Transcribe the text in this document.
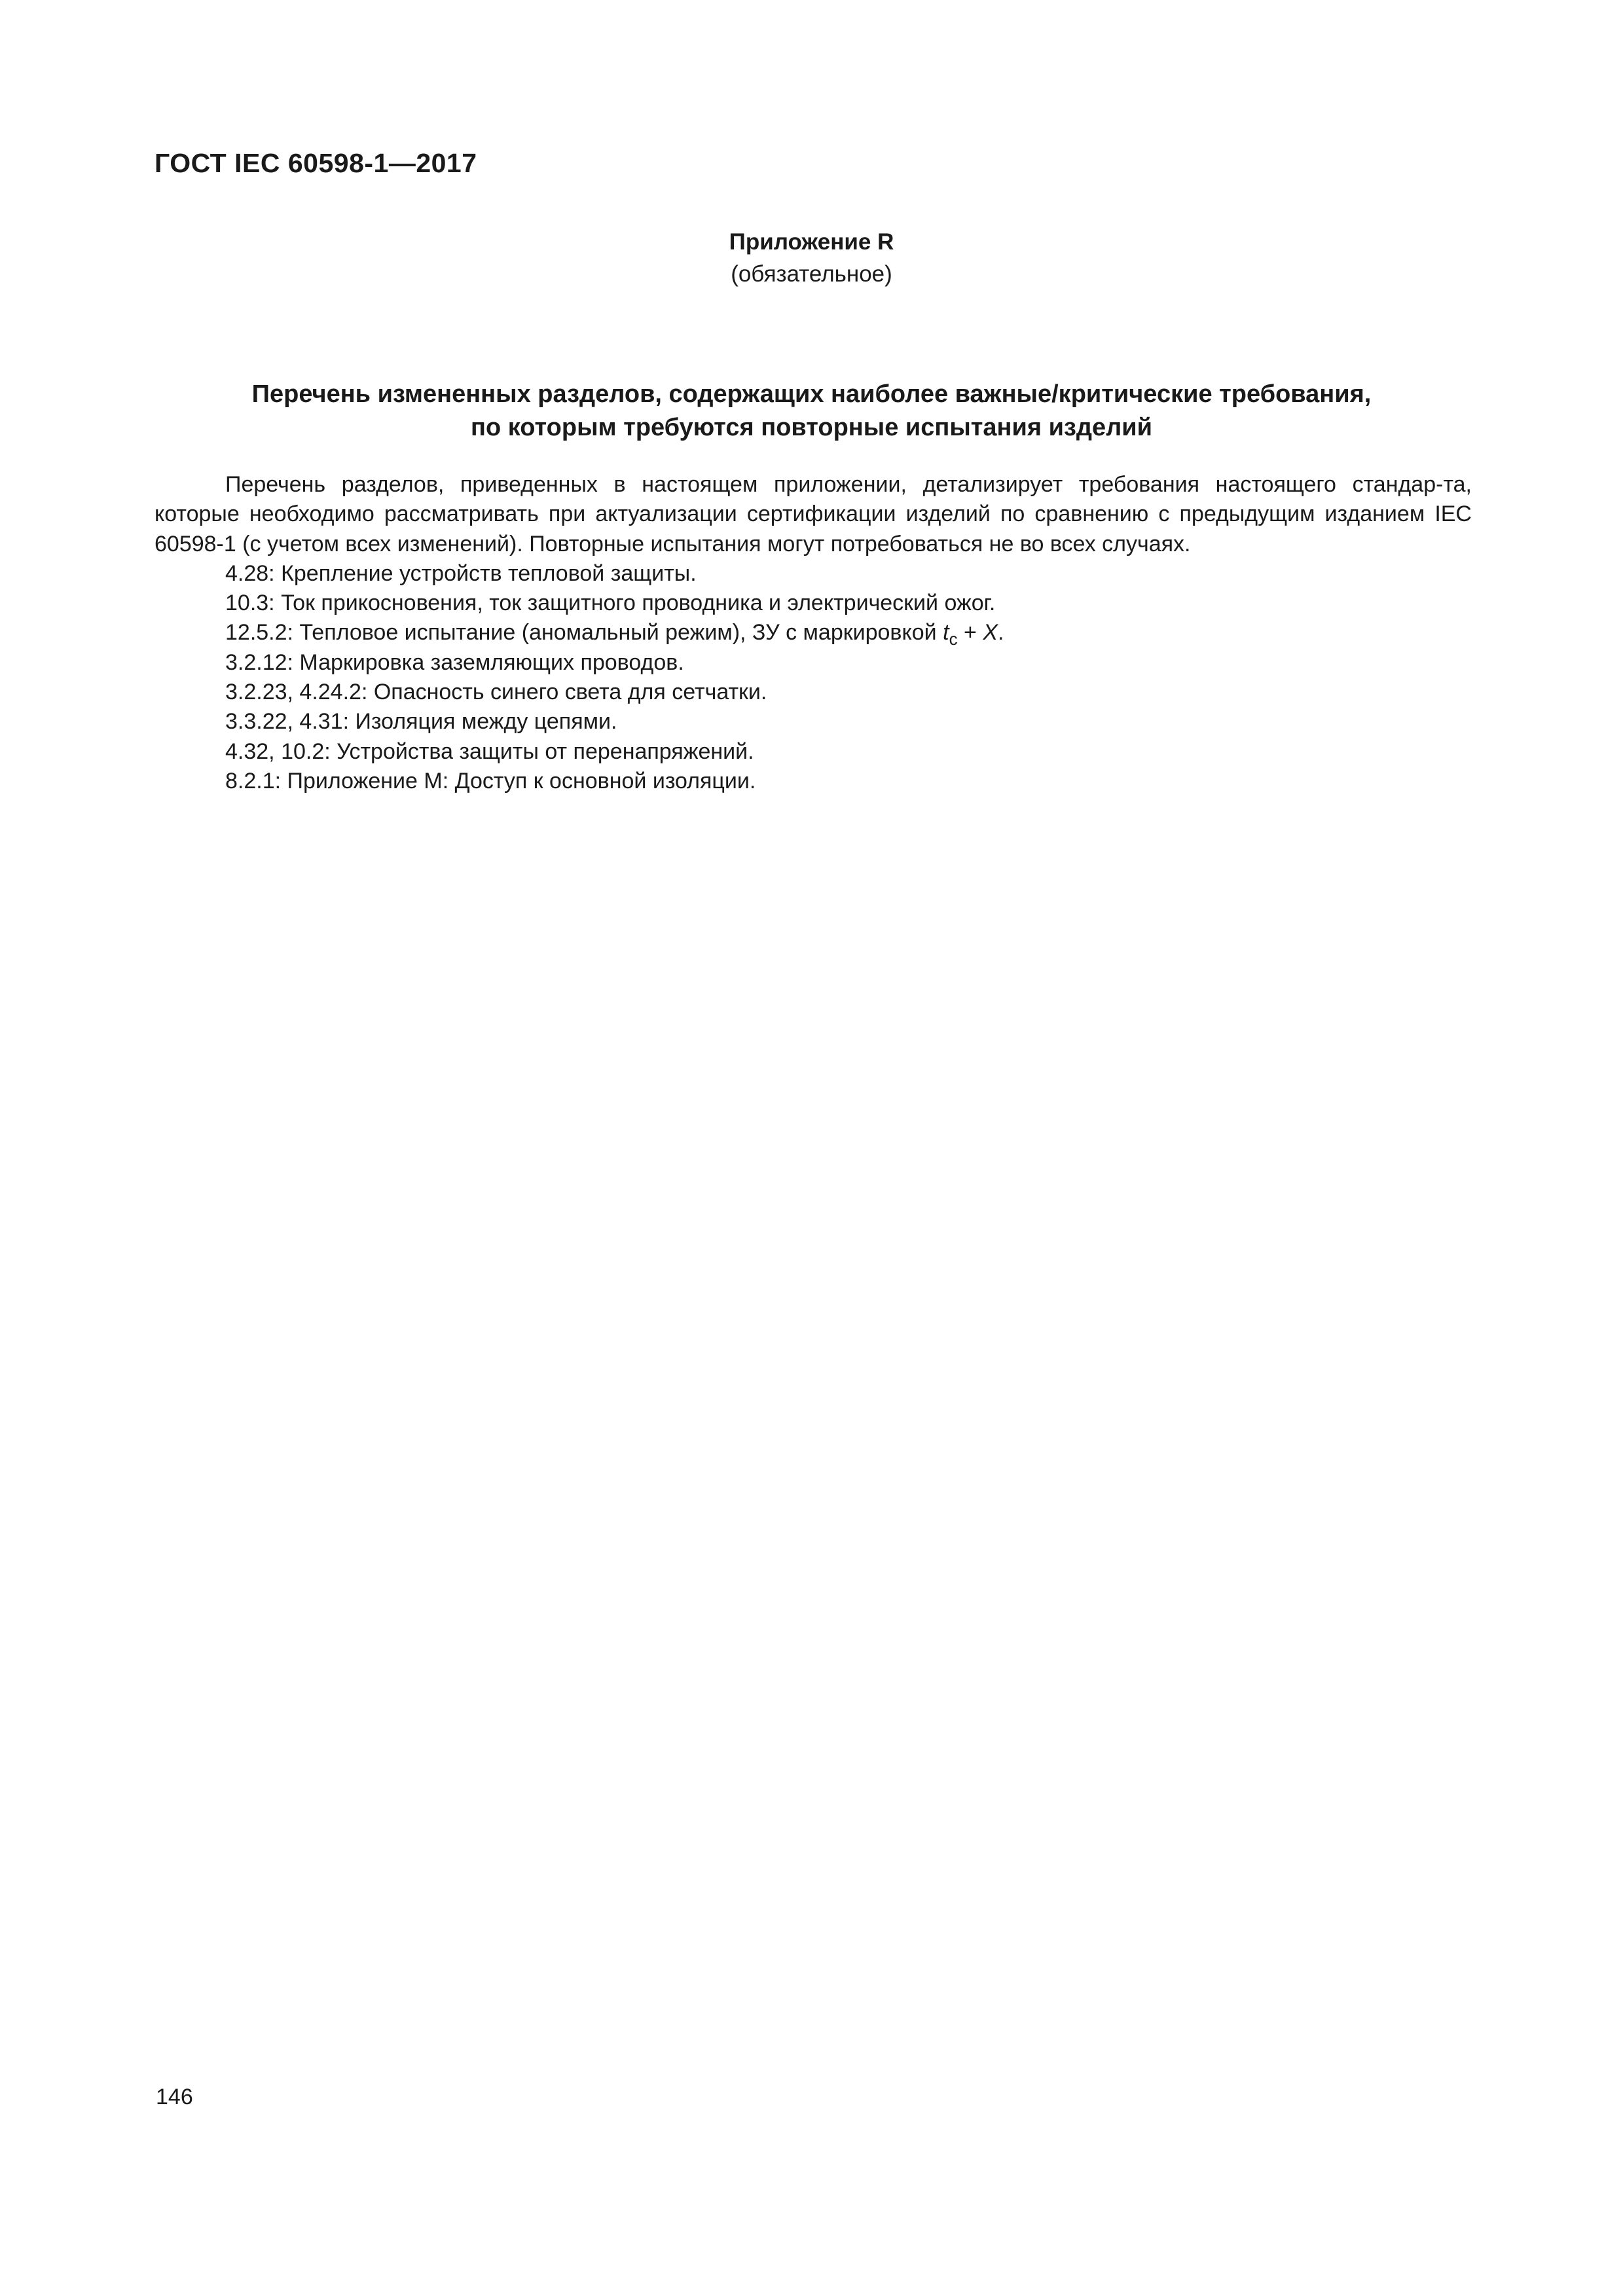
ГОСТ IEC 60598-1—2017
Приложение R
(обязательное)
Перечень измененных разделов, содержащих наиболее важные/критические требования,
по которым требуются повторные испытания изделий

Перечень разделов, приведенных в настоящем приложении, детализирует требования настоящего стандар-та, которые необходимо рассматривать при актуализации сертификации изделий по сравнению с предыдущим изданием IEC 60598-1 (с учетом всех изменений). Повторные испытания могут потребоваться не во всех случаях.

4.28: Крепление устройств тепловой защиты.

10.3: Ток прикосновения, ток защитного проводника и электрический ожог.

12.5.2: Тепловое испытание (аномальный режим), ЗУ с маркировкой $t_c + X$.

3.2.12: Маркировка заземляющих проводов.

3.2.23, 4.24.2: Опасность синего света для сетчатки.

3.3.22, 4.31: Изоляция между цепями.

4.32, 10.2: Устройства защиты от перенапряжений.

8.2.1: Приложение М: Доступ к основной изоляции.

146
